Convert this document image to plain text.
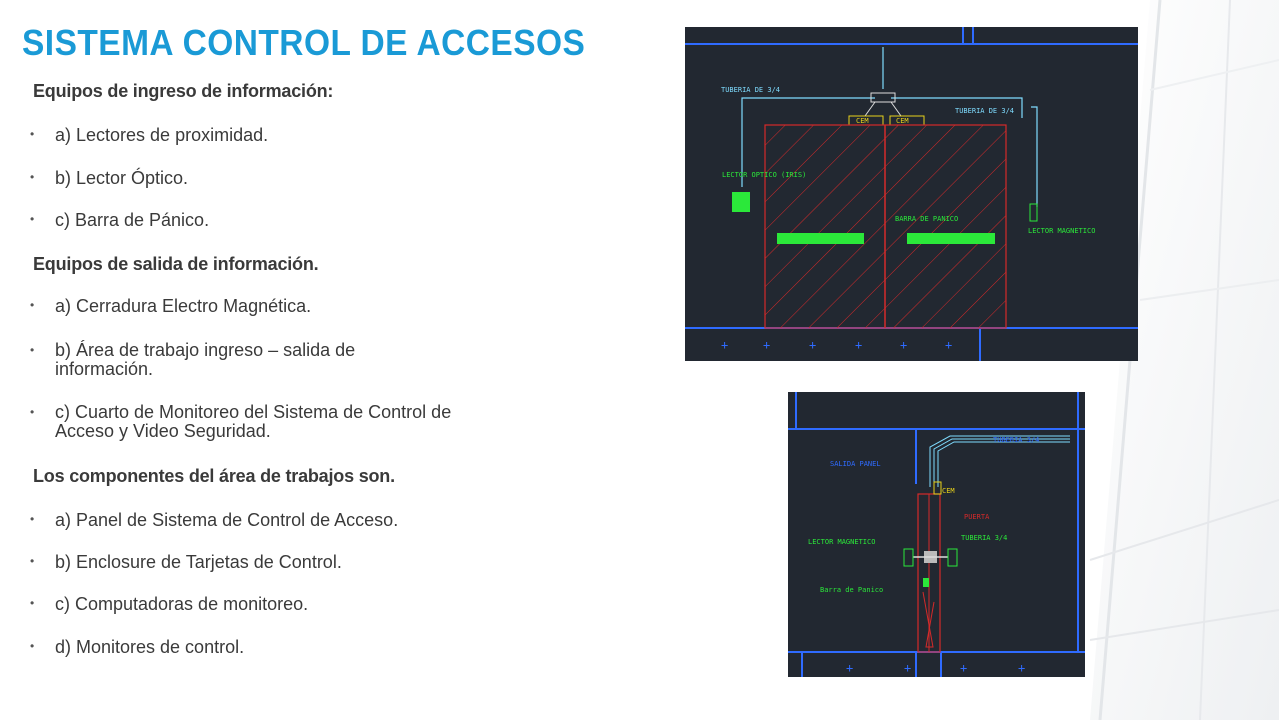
SISTEMA CONTROL DE ACCESOS
Equipos de ingreso de información:
•	a) Lectores de proximidad.
•	b) Lector Óptico.
•	c) Barra de Pánico.
Equipos de salida de información.
•	a) Cerradura Electro Magnética.
•	b) Área de trabajo ingreso – salida de información.
•	c) Cuarto de Monitoreo del Sistema de Control de Acceso y Video Seguridad.
Los componentes del área de trabajos son.
•	a) Panel de Sistema de Control de Acceso.
•	b) Enclosure de Tarjetas de Control.
•	c) Computadoras de monitoreo.
•	d) Monitores de control.
+	+	+	+	+	+
TUBERIA DE 3/4
TUBERIA DE 3/4
CEM	CEM
LECTOR OPTICO (IRIS)
BARRA DE PANICO
LECTOR MAGNETICO
+	+	+	+
TUBERIA 3/4
SALIDA PANEL
CEM
PUERTA
LECTOR MAGNETICO	TUBERIA 3/4
Barra de Panico
